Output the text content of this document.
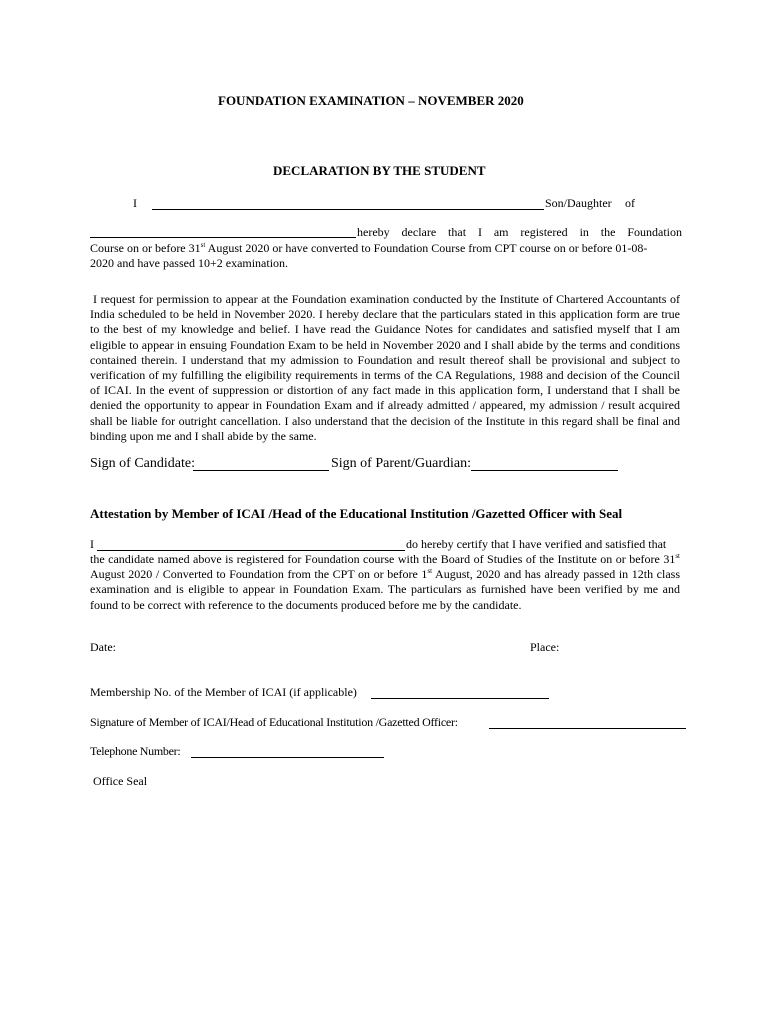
FOUNDATION EXAMINATION – NOVEMBER 2020
DECLARATION BY THE STUDENT
I	Son/Daughter of
hereby declare that I am registered in the Foundation
Course on or before 31st August 2020 or have converted to Foundation Course from CPT course on or before 01-08-
2020 and have passed 10+2 examination.
I request for permission to appear at the Foundation examination conducted by the Institute of Chartered Accountants of India scheduled to be held in November 2020. I hereby declare that the particulars stated in this application form are true to the best of my knowledge and belief. I have read the Guidance Notes for candidates and satisfied myself that I am eligible to appear in ensuing Foundation Exam to be held in November 2020 and I shall abide by the terms and conditions contained therein. I understand that my admission to Foundation and result thereof shall be provisional and subject to verification of my fulfilling the eligibility requirements in terms of the CA Regulations, 1988 and decision of the Council of ICAI. In the event of suppression or distortion of any fact made in this application form, I understand that I shall be denied the opportunity to appear in Foundation Exam and if already admitted / appeared, my admission / result acquired shall be liable for outright cancellation. I also understand that the decision of the Institute in this regard shall be final and binding upon me and I shall abide by the same.
Sign of Candidate:	Sign of Parent/Guardian:
Attestation by Member of ICAI /Head of the Educational Institution /Gazetted Officer with Seal
I	do hereby certify that I have verified and satisfied that
the candidate named above is registered for Foundation course with the Board of Studies of the Institute on or before 31st August 2020 / Converted to Foundation from the CPT on or before 1st August, 2020 and has already passed in 12th class examination and is eligible to appear in Foundation Exam. The particulars as furnished have been verified by me and found to be correct with reference to the documents produced before me by the candidate.
Date:	Place:
Membership No. of the Member of ICAI (if applicable)
Signature of Member of ICAI/Head of Educational Institution /Gazetted Officer:
Telephone Number:
Office Seal
